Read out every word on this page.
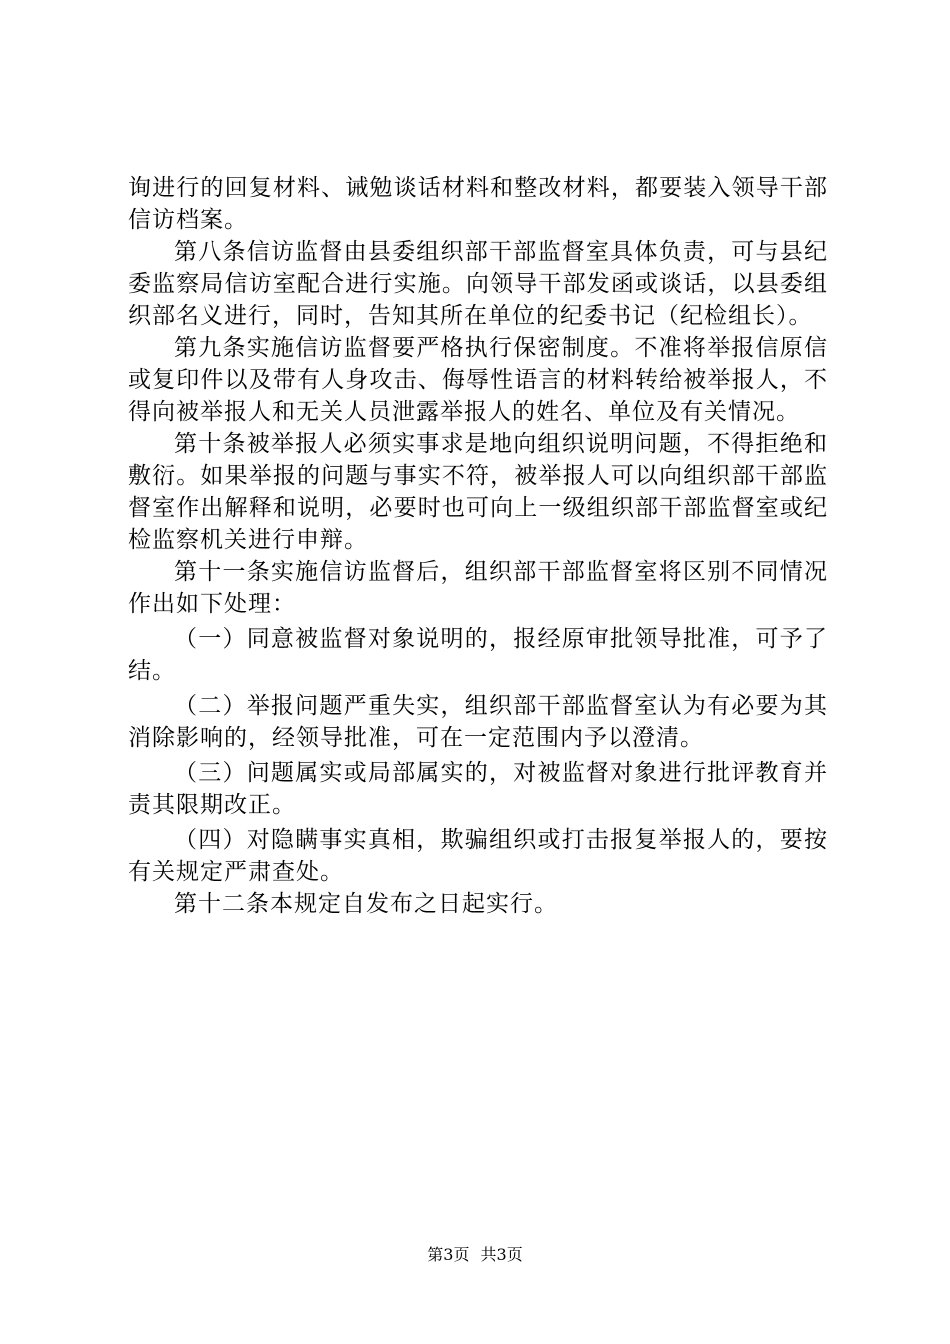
询进行的回复材料、诫勉谈话材料和整改材料，都要装入领导干部信访档案。

第八条信访监督由县委组织部干部监督室具体负责，可与县纪委监察局信访室配合进行实施。向领导干部发函或谈话，以县委组织部名义进行，同时，告知其所在单位的纪委书记（纪检组长）。

第九条实施信访监督要严格执行保密制度。不准将举报信原信或复印件以及带有人身攻击、侮辱性语言的材料转给被举报人，不得向被举报人和无关人员泄露举报人的姓名、单位及有关情况。

第十条被举报人必须实事求是地向组织说明问题，不得拒绝和敷衍。如果举报的问题与事实不符，被举报人可以向组织部干部监督室作出解释和说明，必要时也可向上一级组织部干部监督室或纪检监察机关进行申辩。

第十一条实施信访监督后，组织部干部监督室将区别不同情况作出如下处理：

（一）同意被监督对象说明的，报经原审批领导批准，可予了结。

（二）举报问题严重失实，组织部干部监督室认为有必要为其消除影响的，经领导批准，可在一定范围内予以澄清。

（三）问题属实或局部属实的，对被监督对象进行批评教育并责其限期改正。

（四）对隐瞒事实真相，欺骗组织或打击报复举报人的，要按有关规定严肃查处。

第十二条本规定自发布之日起实行。

第3页 共3页
